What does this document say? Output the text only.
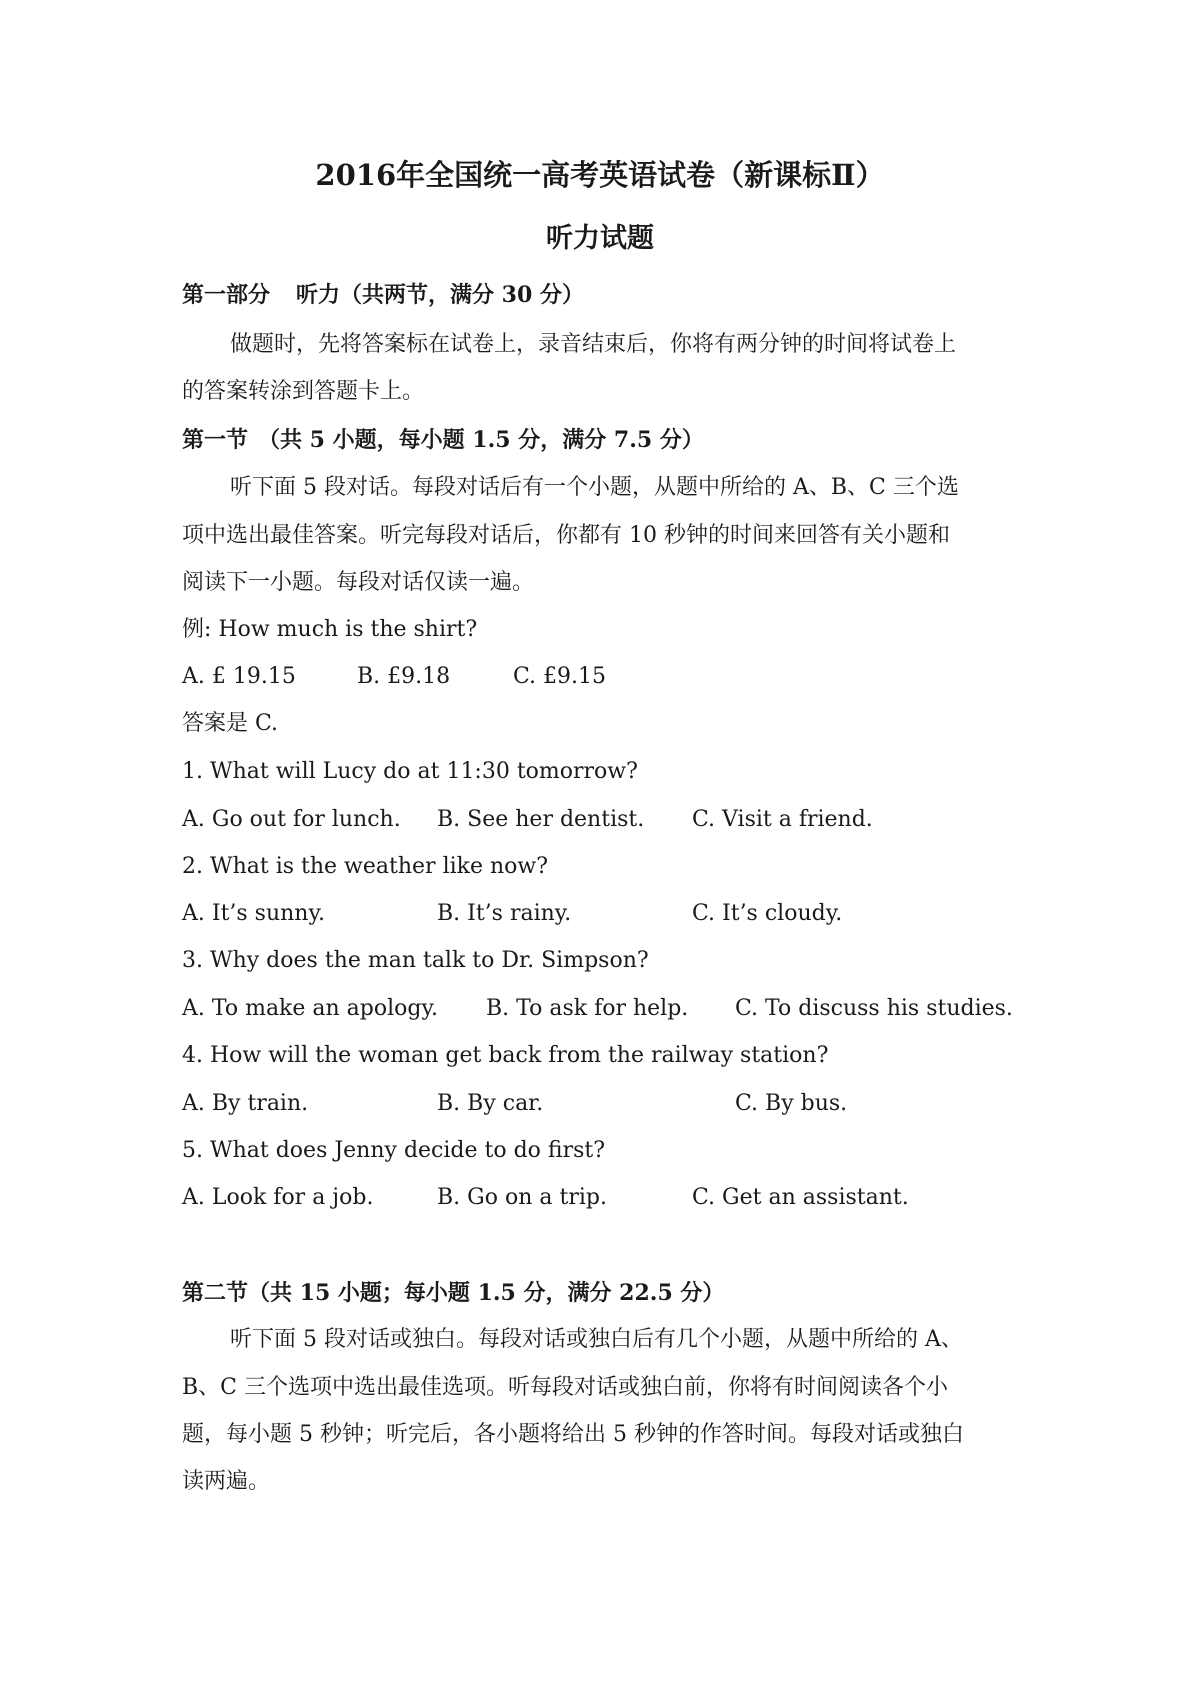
2016年全国统一高考英语试卷（新课标Ⅱ）
听力试题
第一部分 听力（共两节，满分 30 分）
做题时，先将答案标在试卷上，录音结束后，你将有两分钟的时间将试卷上
的答案转涂到答题卡上。
第一节 （共 5 小题，每小题 1.5 分，满分 7.5 分）
听下面 5 段对话。每段对话后有一个小题，从题中所给的 A、B、C 三个选
项中选出最佳答案。听完每段对话后，你都有 10 秒钟的时间来回答有关小题和
阅读下一小题。每段对话仅读一遍。
例: How much is the shirt?
A. £ 19.15	B. £9.18	C. £9.15
答案是 C.
1. What will Lucy do at 11:30 tomorrow?
A. Go out for lunch. B. See her dentist. C. Visit a friend.
2. What is the weather like now?
A. It’s sunny.	B. It’s rainy.	C. It’s cloudy.
3. Why does the man talk to Dr. Simpson?
A. To make an apology. B. To ask for help. C. To discuss his studies.
4. How will the woman get back from the railway station?
A. By train.	B. By car.	C. By bus.
5. What does Jenny decide to do first?
A. Look for a job.	B. Go on a trip.	C. Get an assistant.
第二节（共 15 小题；每小题 1.5 分，满分 22.5 分）
听下面 5 段对话或独白。每段对话或独白后有几个小题，从题中所给的 A、
B、C 三个选项中选出最佳选项。听每段对话或独白前，你将有时间阅读各个小
题，每小题 5 秒钟；听完后，各小题将给出 5 秒钟的作答时间。每段对话或独白
读两遍。
